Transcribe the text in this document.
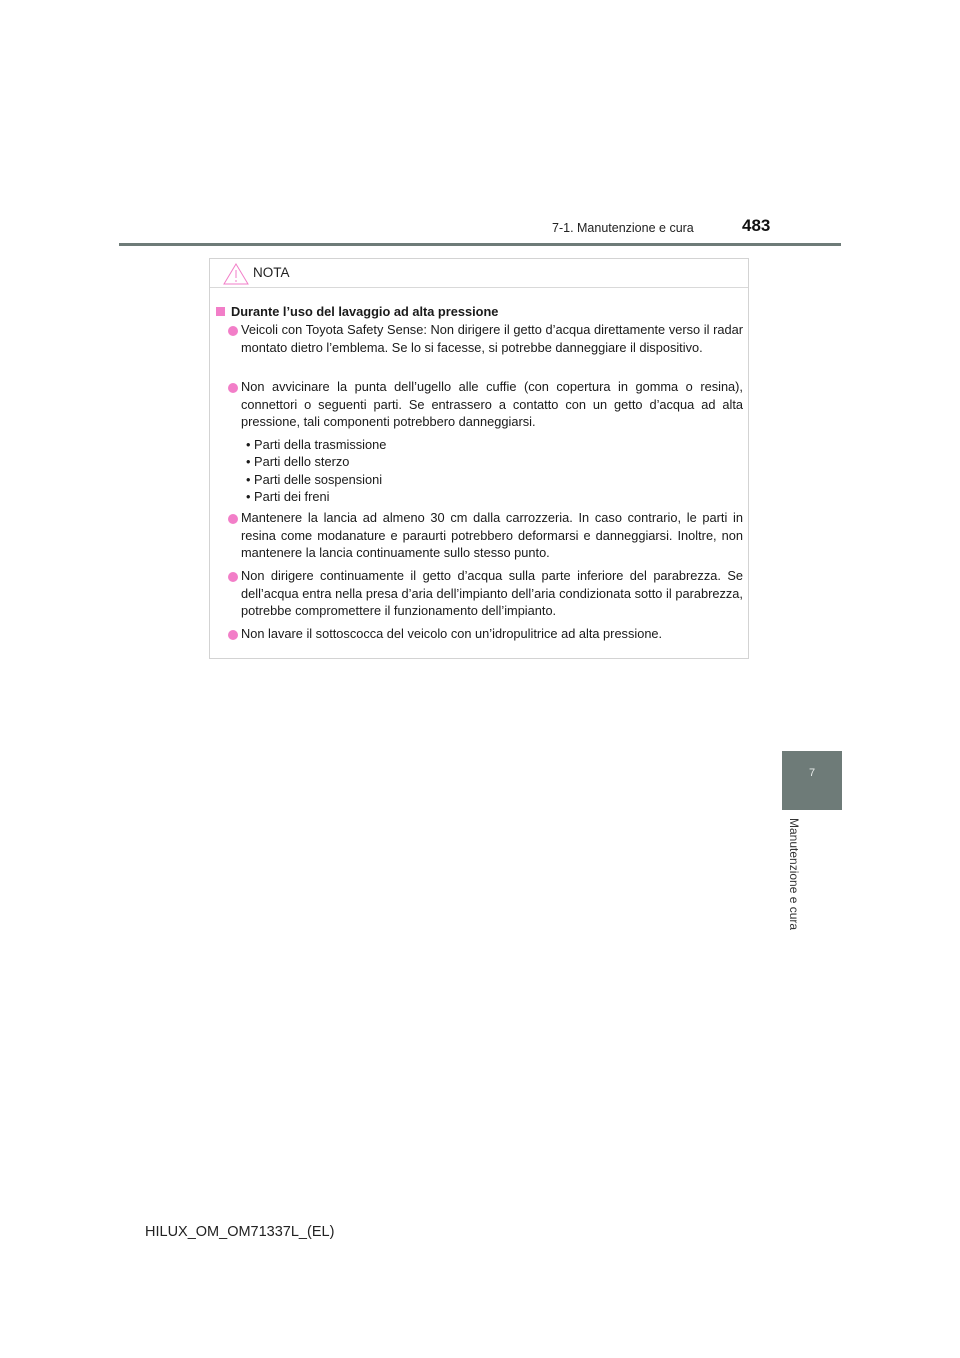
7-1. Manutenzione e cura	483
7
Manutenzione e cura
NOTA
Durante l’uso del lavaggio ad alta pressione
Veicoli con Toyota Safety Sense: Non dirigere il getto d’acqua direttamente verso il radar montato dietro l’emblema. Se lo si facesse, si potrebbe danneggiare il dispositivo.
Non avvicinare la punta dell’ugello alle cuffie (con copertura in gomma o resina), connettori o seguenti parti. Se entrassero a contatto con un getto d’acqua ad alta pressione, tali componenti potrebbero danneggiarsi.
• Parti della trasmissione
• Parti dello sterzo
• Parti delle sospensioni
• Parti dei freni
Mantenere la lancia ad almeno 30 cm dalla carrozzeria. In caso contrario, le parti in resina come modanature e paraurti potrebbero deformarsi e danneggiarsi. Inoltre, non mantenere la lancia continuamente sullo stesso punto.
Non dirigere continuamente il getto d’acqua sulla parte inferiore del parabrezza. Se dell’acqua entra nella presa d’aria dell’impianto dell’aria condizionata sotto il parabrezza, potrebbe compromettere il funzionamento dell’impianto.
Non lavare il sottoscocca del veicolo con un’idropulitrice ad alta pressione.
HILUX_OM_OM71337L_(EL)
